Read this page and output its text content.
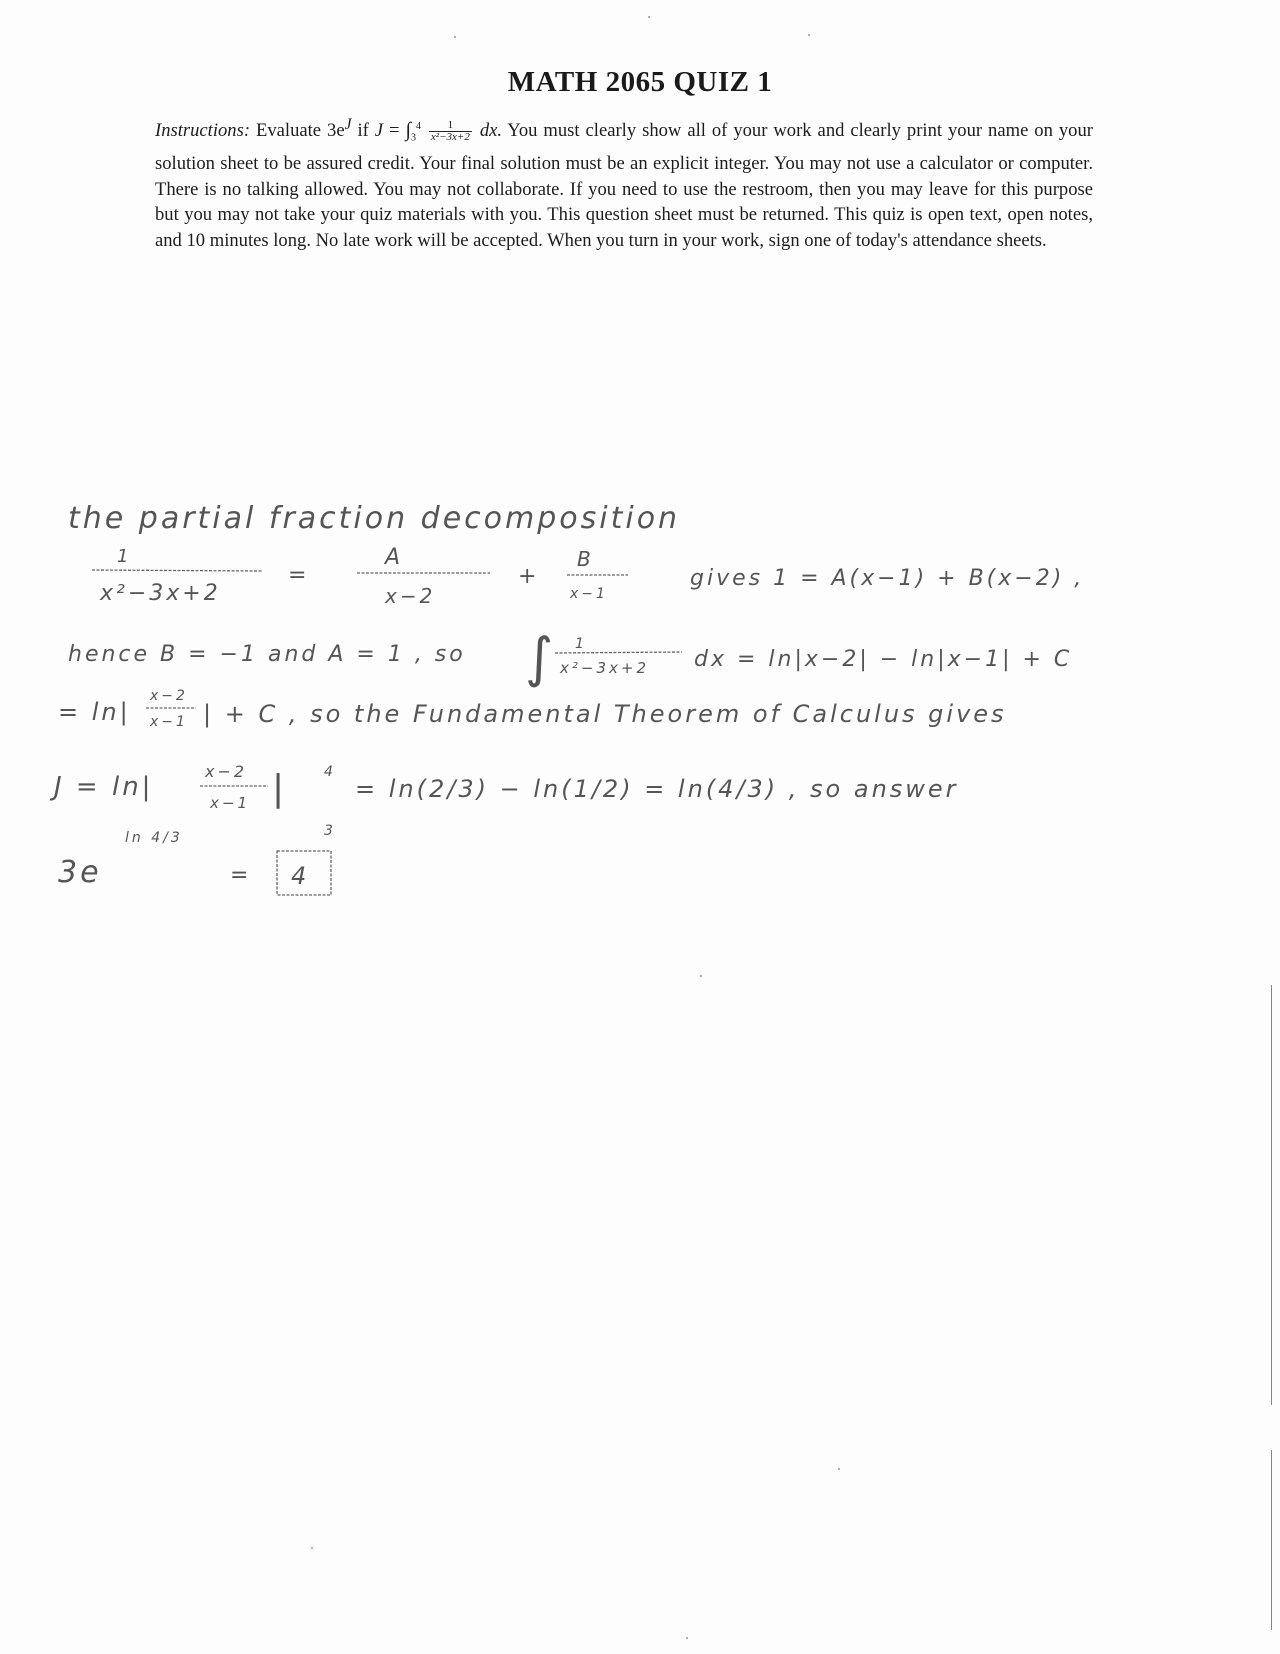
MATH 2065 QUIZ 1
Instructions: Evaluate $3e^J$ if $J = \int_3^4 \frac{1}{\text{x²−3x+2}}$ dx. You must clearly show all of your work and clearly print your name on your solution sheet to be assured credit. Your final solution must be an explicit integer. You may not use a calculator or computer. There is no talking allowed. You may not collaborate. If you need to use the restroom, then you may leave for this purpose but you may not take your quiz materials with you. This question sheet must be returned. This quiz is open text, open notes, and 10 minutes long. No late work will be accepted. When you turn in your work, sign one of today's attendance sheets.
the partial fraction decomposition
1
x²−3x+2
=
A
x−2
+
B
x−1
gives 1 = A(x−1) + B(x−2) ,
hence B = −1 and A = 1 , so ∫ 1
x²−3x+2 dx = ln|x−2| − ln|x−1| + C
= ln|
x−2
x−1 | + C , so the Fundamental Theorem of Calculus gives
J = ln|
x−2
x−1 |	4
3
= ln(2/3) − ln(1/2) = ln(4/3) , so answer
3e
ln 4/3
= 4
